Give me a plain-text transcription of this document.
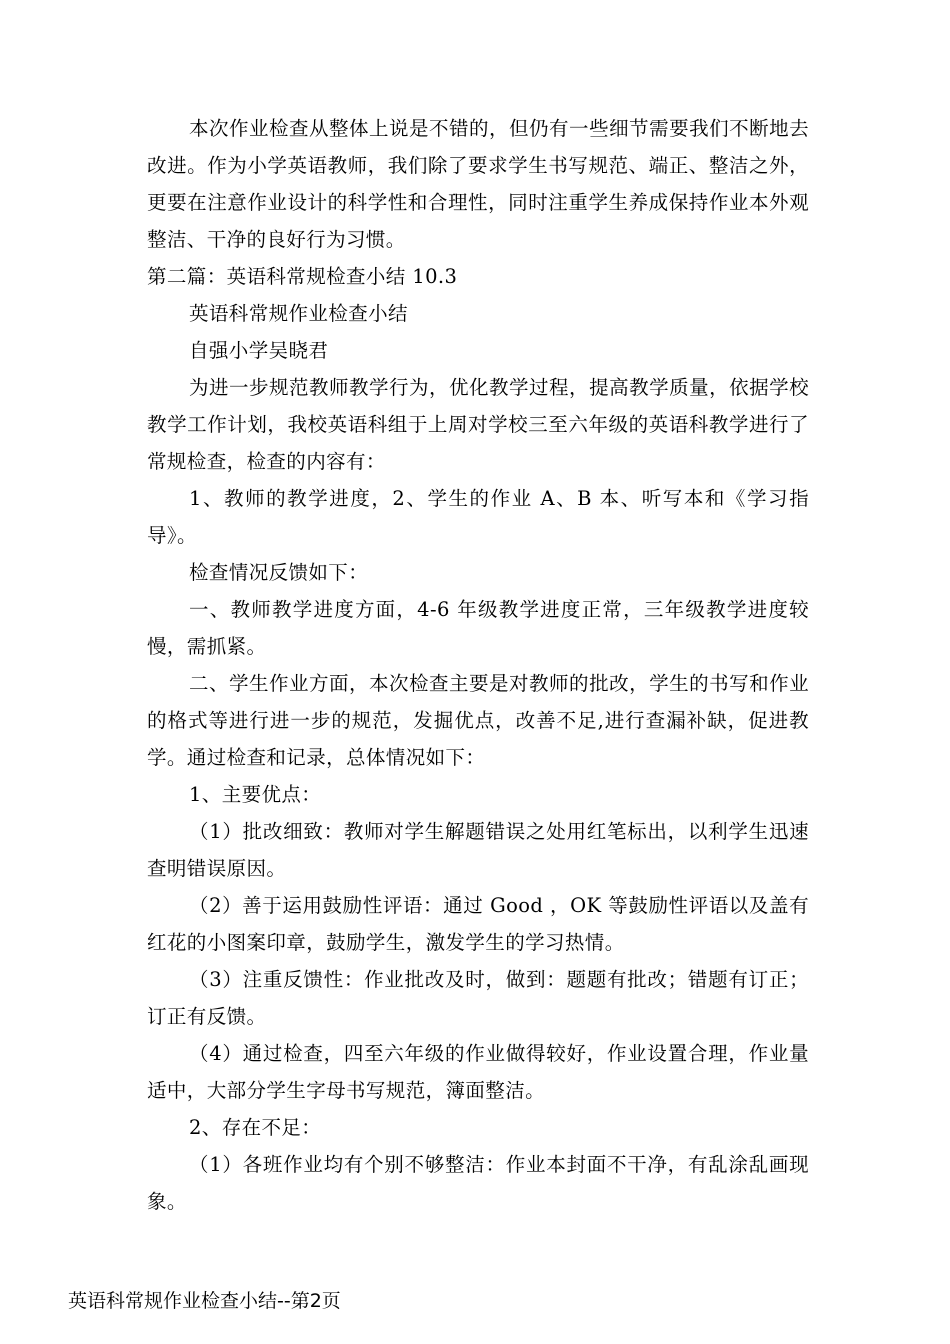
本次作业检查从整体上说是不错的，但仍有一些细节需要我们不断地去改进。作为小学英语教师，我们除了要求学生书写规范、端正、整洁之外，更要在注意作业设计的科学性和合理性，同时注重学生养成保持作业本外观整洁、干净的良好行为习惯。

第二篇：英语科常规检查小结 10.3

英语科常规作业检查小结

自强小学吴晓君

为进一步规范教师教学行为，优化教学过程，提高教学质量，依据学校教学工作计划，我校英语科组于上周对学校三至六年级的英语科教学进行了常规检查，检查的内容有：

1、教师的教学进度，2、学生的作业 A、B 本、听写本和《学习指导》。

检查情况反馈如下：

一、教师教学进度方面，4-6 年级教学进度正常，三年级教学进度较慢，需抓紧。

二、学生作业方面，本次检查主要是对教师的批改，学生的书写和作业的格式等进行进一步的规范，发掘优点，改善不足,进行查漏补缺，促进教学。通过检查和记录，总体情况如下：

1、主要优点：

（1）批改细致：教师对学生解题错误之处用红笔标出，以利学生迅速查明错误原因。

（2）善于运用鼓励性评语：通过 Good ，OK 等鼓励性评语以及盖有红花的小图案印章，鼓励学生，激发学生的学习热情。

（3）注重反馈性：作业批改及时，做到：题题有批改；错题有订正；订正有反馈。

（4）通过检查，四至六年级的作业做得较好，作业设置合理，作业量适中，大部分学生字母书写规范，簿面整洁。

2、存在不足：

（1）各班作业均有个别不够整洁：作业本封面不干净，有乱涂乱画现象。

英语科常规作业检查小结--第2页
